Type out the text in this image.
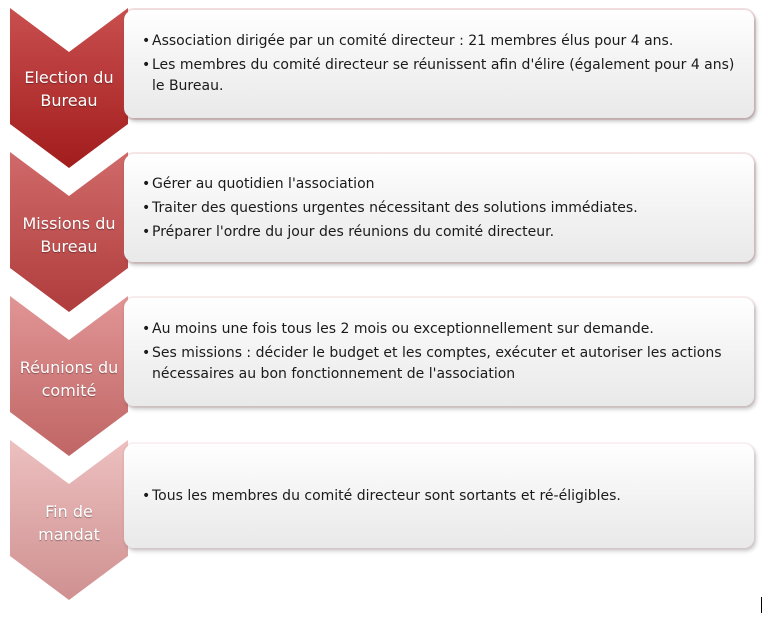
Election du Bureau
• Association dirigée par un comité directeur : 21 membres élus pour 4 ans.
• Les membres du comité directeur se réunissent afin d'élire (également pour 4 ans) le Bureau.
Missions du Bureau
• Gérer au quotidien l'association
• Traiter des questions urgentes nécessitant des solutions immédiates.
• Préparer l'ordre du jour des réunions du comité directeur.
Réunions du comité
• Au moins une fois tous les 2 mois ou exceptionnellement sur demande.
• Ses missions : décider le budget et les comptes, exécuter et autoriser les actions nécessaires au bon fonctionnement de l'association
Fin de mandat
• Tous les membres du comité directeur sont sortants et ré-éligibles.
